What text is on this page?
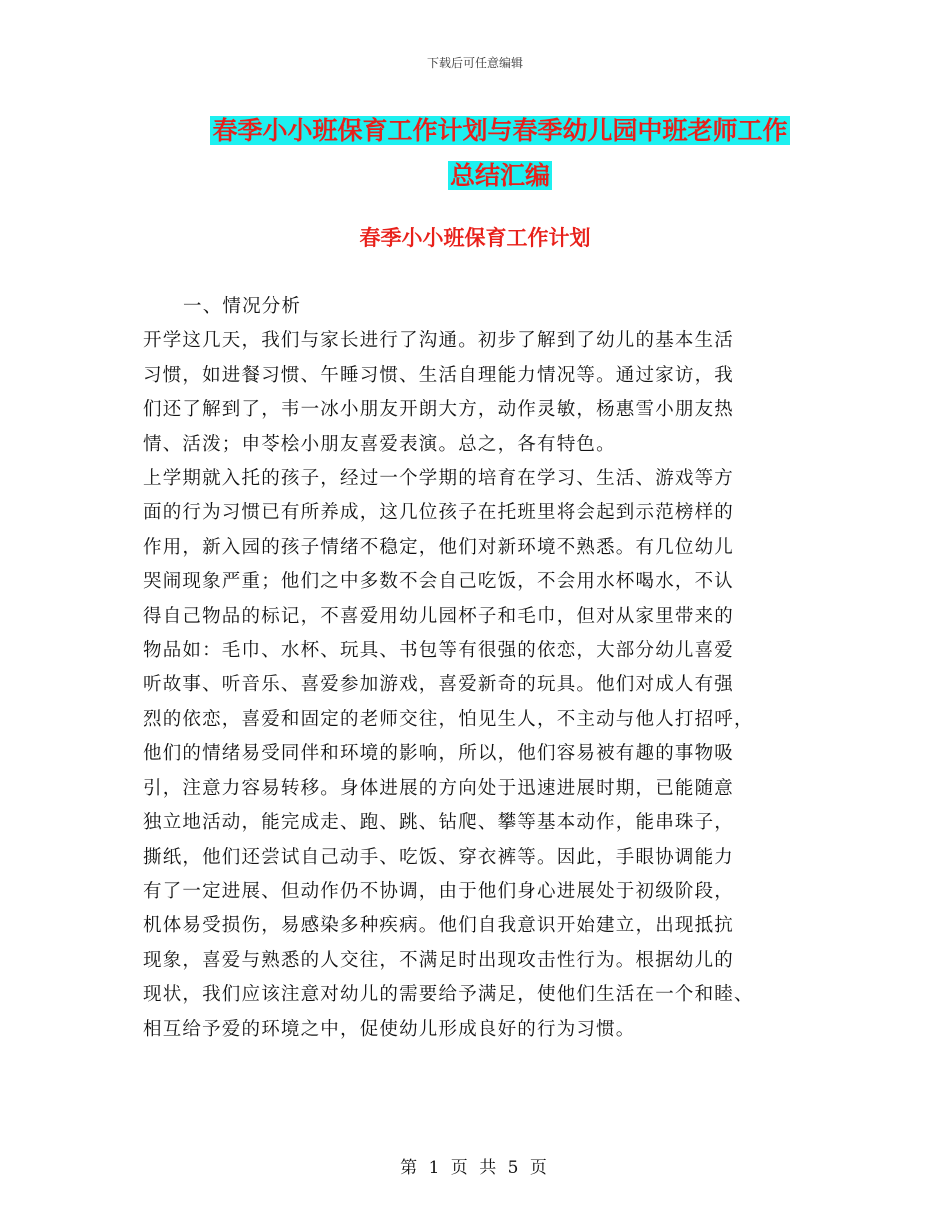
下载后可任意编辑
春季小小班保育工作计划与春季幼儿园中班老师工作
总结汇编
春季小小班保育工作计划

一、情况分析

开学这几天，我们与家长进行了沟通。初步了解到了幼儿的基本生活

习惯，如进餐习惯、午睡习惯、生活自理能力情况等。通过家访，我

们还了解到了，韦一冰小朋友开朗大方，动作灵敏，杨惠雪小朋友热

情、活泼；申苓桧小朋友喜爱表演。总之，各有特色。

上学期就入托的孩子，经过一个学期的培育在学习、生活、游戏等方

面的行为习惯已有所养成，这几位孩子在托班里将会起到示范榜样的

作用，新入园的孩子情绪不稳定，他们对新环境不熟悉。有几位幼儿

哭闹现象严重；他们之中多数不会自己吃饭，不会用水杯喝水，不认

得自己物品的标记，不喜爱用幼儿园杯子和毛巾，但对从家里带来的

物品如：毛巾、水杯、玩具、书包等有很强的依恋，大部分幼儿喜爱

听故事、听音乐、喜爱参加游戏，喜爱新奇的玩具。他们对成人有强

烈的依恋，喜爱和固定的老师交往，怕见生人，不主动与他人打招呼，

他们的情绪易受同伴和环境的影响，所以，他们容易被有趣的事物吸

引，注意力容易转移。身体进展的方向处于迅速进展时期，已能随意

独立地活动，能完成走、跑、跳、钻爬、攀等基本动作，能串珠子，

撕纸，他们还尝试自己动手、吃饭、穿衣裤等。因此，手眼协调能力

有了一定进展、但动作仍不协调，由于他们身心进展处于初级阶段，

机体易受损伤，易感染多种疾病。他们自我意识开始建立，出现抵抗

现象，喜爱与熟悉的人交往，不满足时出现攻击性行为。根据幼儿的

现状，我们应该注意对幼儿的需要给予满足，使他们生活在一个和睦、

相互给予爱的环境之中，促使幼儿形成良好的行为习惯。

第 1 页 共 5 页
